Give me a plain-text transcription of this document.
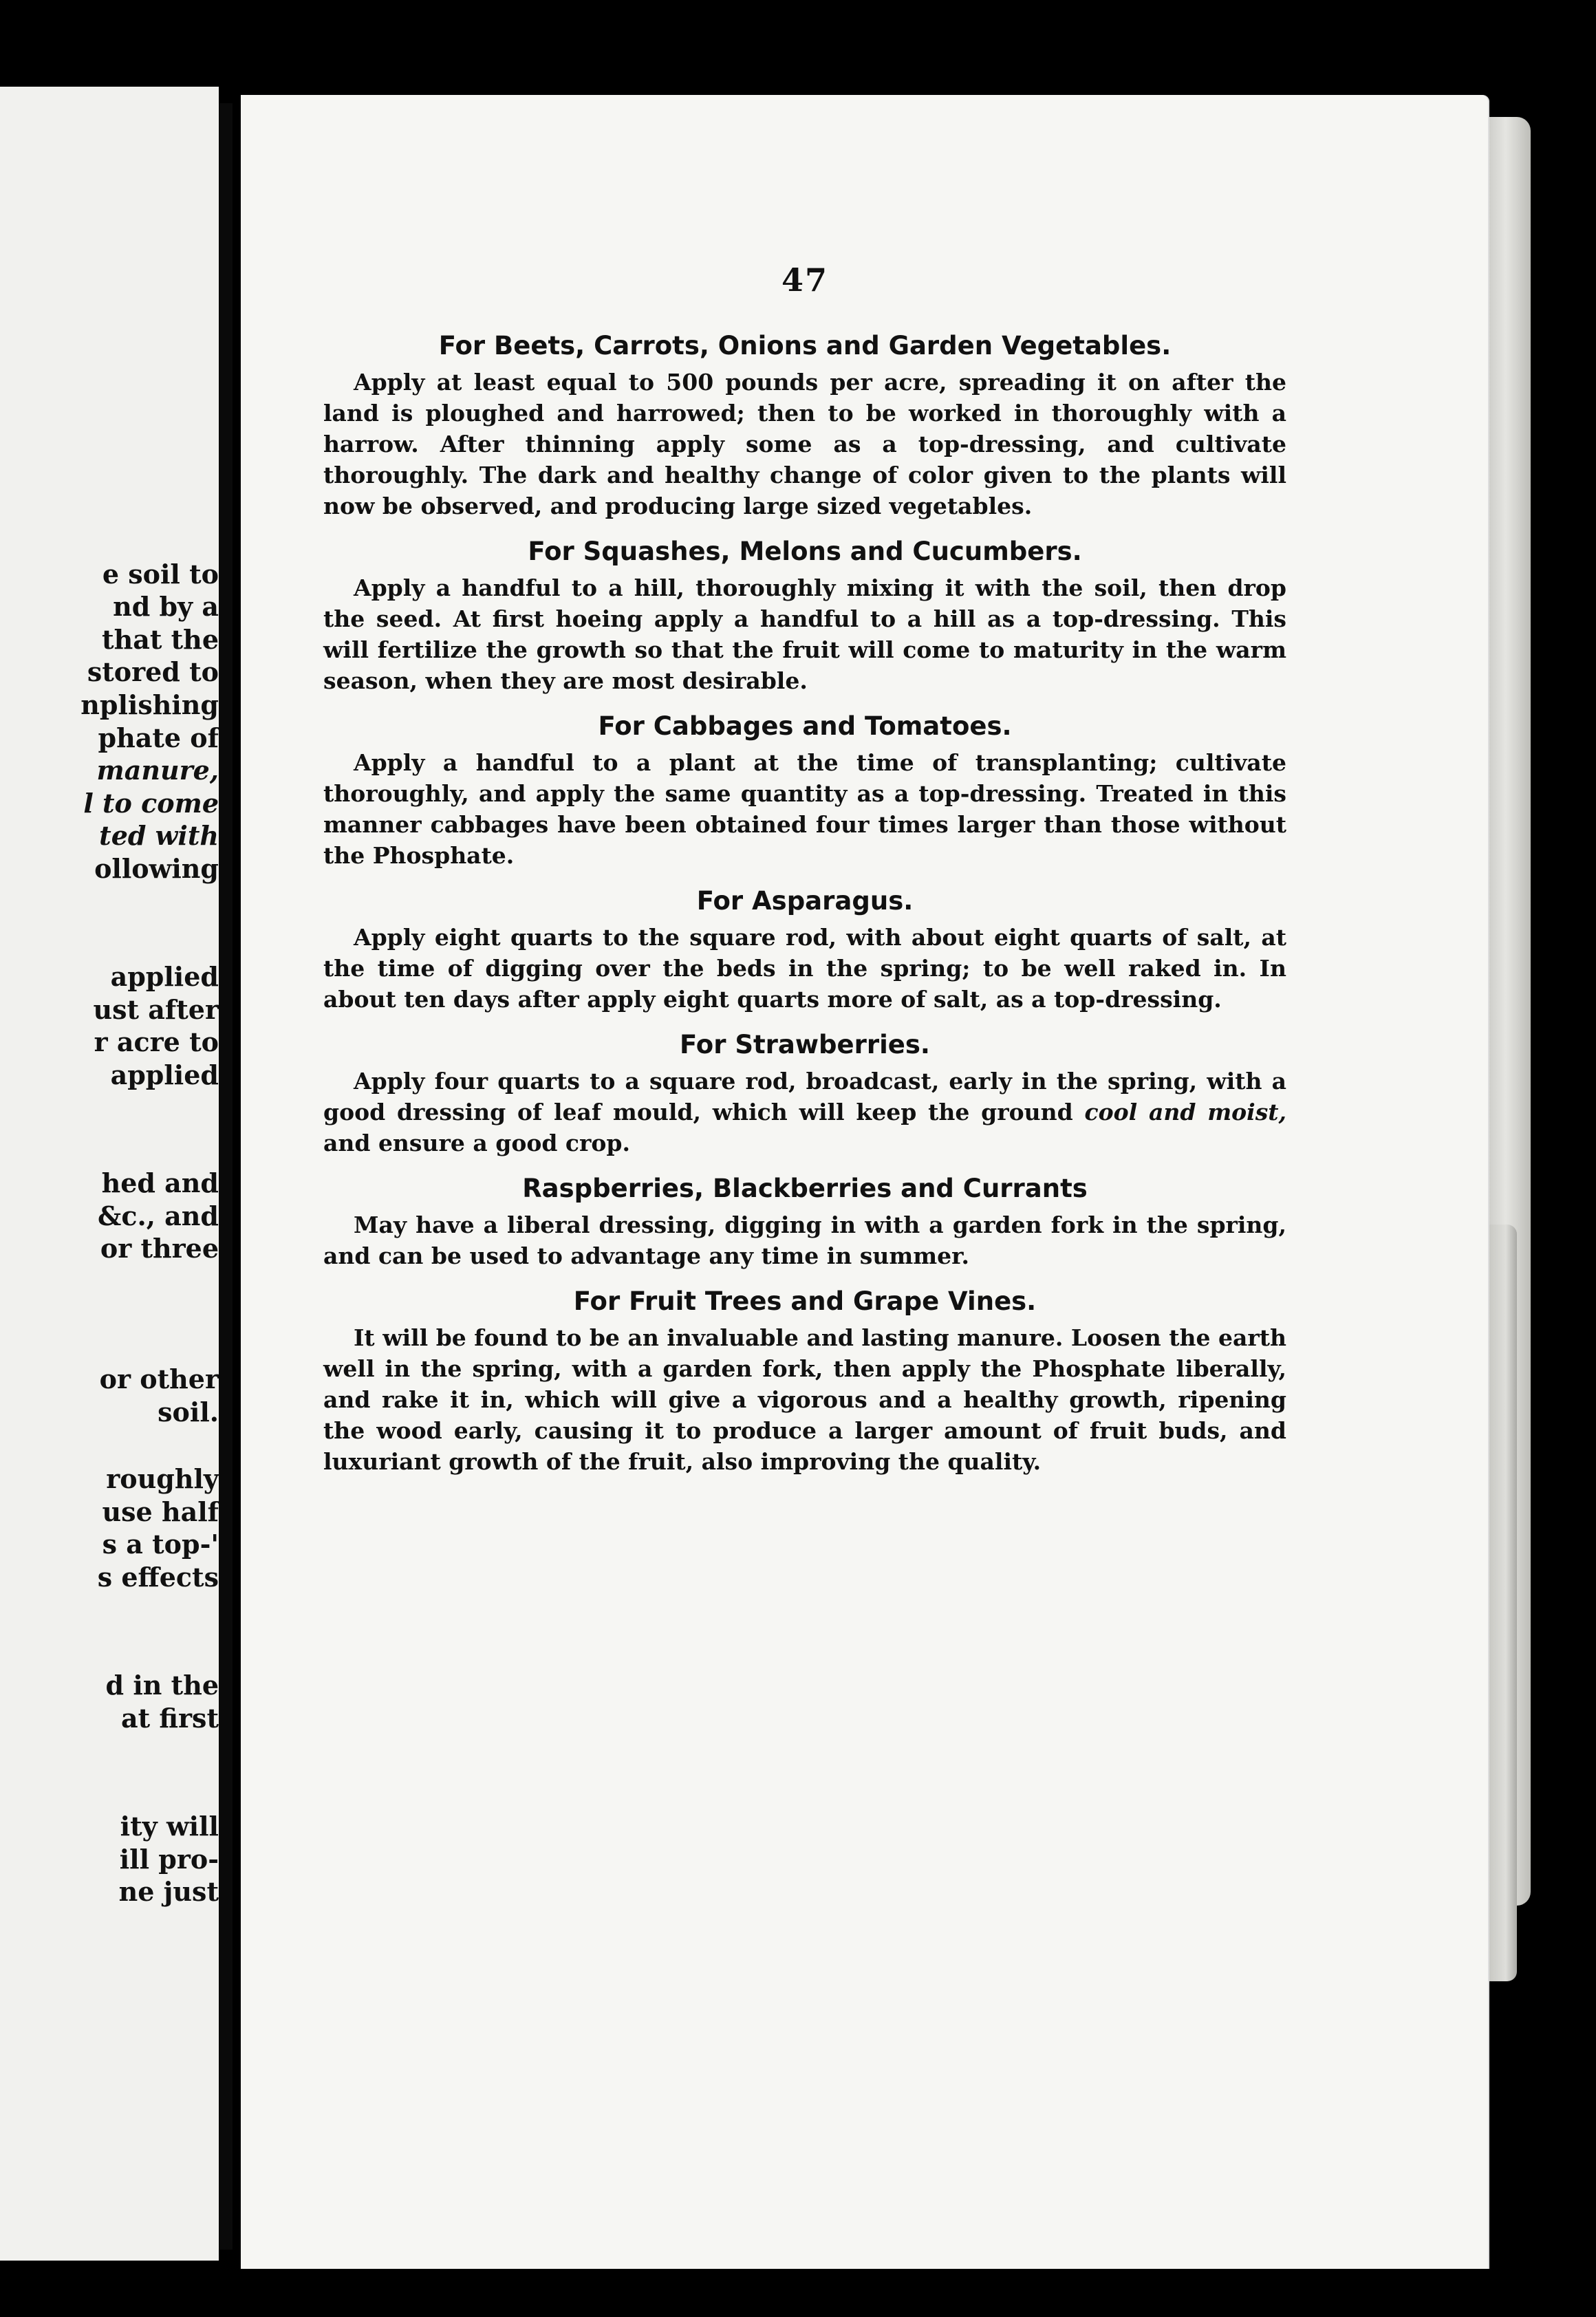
e soil to
nd by a
that the
stored to
nplishing
phate of
manure,
l to come
ted with
ollowing
applied
ust after
r acre to
applied
hed and
&c., and
or three
or other
soil.
roughly
use half
s a top-'
s effects
d in the
at first
ity will
ill pro-
ne just
47
For Beets, Carrots, Onions and Garden Vegetables.

Apply at least equal to 500 pounds per acre, spreading it on after the land is ploughed and harrowed; then to be worked in thoroughly with a harrow. After thinning apply some as a top-dressing, and cultivate thoroughly. The dark and healthy change of color given to the plants will now be observed, and producing large sized vegetables.

For Squashes, Melons and Cucumbers.

Apply a handful to a hill, thoroughly mixing it with the soil, then drop the seed. At first hoeing apply a handful to a hill as a top-dressing. This will fertilize the growth so that the fruit will come to maturity in the warm season, when they are most desirable.

For Cabbages and Tomatoes.

Apply a handful to a plant at the time of transplanting; cultivate thoroughly, and apply the same quantity as a top-dressing. Treated in this manner cabbages have been obtained four times larger than those without the Phosphate.

For Asparagus.

Apply eight quarts to the square rod, with about eight quarts of salt, at the time of digging over the beds in the spring; to be well raked in. In about ten days after apply eight quarts more of salt, as a top-dressing.

For Strawberries.

Apply four quarts to a square rod, broadcast, early in the spring, with a good dressing of leaf mould, which will keep the ground cool and moist, and ensure a good crop.

Raspberries, Blackberries and Currants

May have a liberal dressing, digging in with a garden fork in the spring, and can be used to advantage any time in summer.

For Fruit Trees and Grape Vines.

It will be found to be an invaluable and lasting manure. Loosen the earth well in the spring, with a garden fork, then apply the Phosphate liberally, and rake it in, which will give a vigorous and a healthy growth, ripening the wood early, causing it to produce a larger amount of fruit buds, and luxuriant growth of the fruit, also improving the quality.
